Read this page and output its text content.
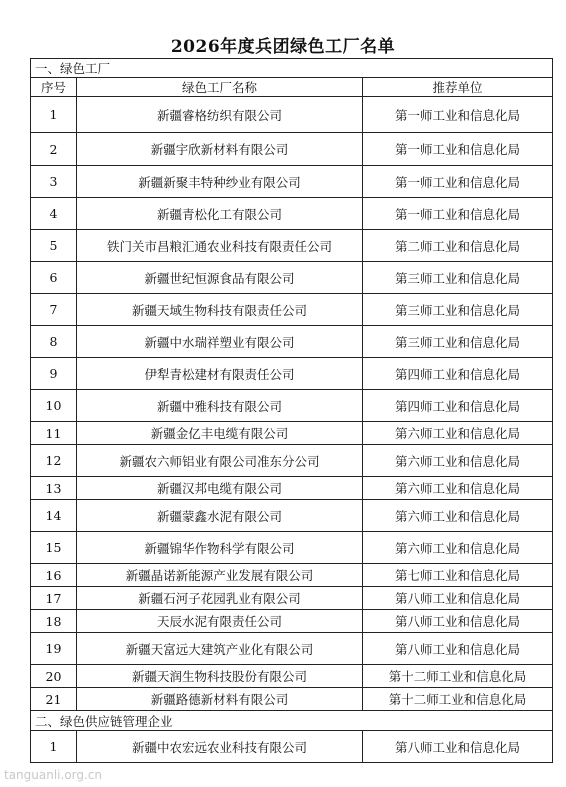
2026年度兵团绿色工厂名单
一、绿色工厂		
序号	绿色工厂名称	推荐单位
1	新疆睿格纺织有限公司	第一师工业和信息化局
2	新疆宇欣新材料有限公司	第一师工业和信息化局
3	新疆新聚丰特种纱业有限公司	第一师工业和信息化局
4	新疆青松化工有限公司	第一师工业和信息化局
5	铁门关市昌粮汇通农业科技有限责任公司	第二师工业和信息化局
6	新疆世纪恒源食品有限公司	第三师工业和信息化局
7	新疆天域生物科技有限责任公司	第三师工业和信息化局
8	新疆中水瑞祥塑业有限公司	第三师工业和信息化局
9	伊犁青松建材有限责任公司	第四师工业和信息化局
10	新疆中雅科技有限公司	第四师工业和信息化局
11	新疆金亿丰电缆有限公司	第六师工业和信息化局
12	新疆农六师铝业有限公司准东分公司	第六师工业和信息化局
13	新疆汉邦电缆有限公司	第六师工业和信息化局
14	新疆蒙鑫水泥有限公司	第六师工业和信息化局
15	新疆锦华作物科学有限公司	第六师工业和信息化局
16	新疆晶诺新能源产业发展有限公司	第七师工业和信息化局
17	新疆石河子花园乳业有限公司	第八师工业和信息化局
18	天辰水泥有限责任公司	第八师工业和信息化局
19	新疆天富远大建筑产业化有限公司	第八师工业和信息化局
20	新疆天润生物科技股份有限公司	第十二师工业和信息化局
21	新疆路德新材料有限公司	第十二师工业和信息化局
二、绿色供应链管理企业		
1	新疆中农宏远农业科技有限公司	第八师工业和信息化局
tanguanli.org.cn
